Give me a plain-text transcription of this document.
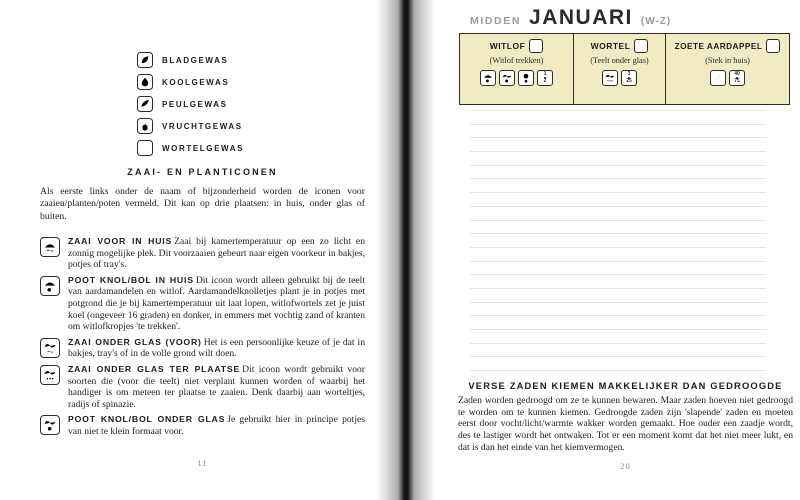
BLADGEWAS
KOOLGEWAS
PEULGEWAS
VRUCHTGEWAS
WORTELGEWAS
ZAAI- EN PLANTICONEN

Als eerste links onder de naam of bijzonderheid worden de iconen voor zaaien/planten/poten vermeld. Dit kan op drie plaatsen: in huis, onder glas of buiten.

ZAAI VOOR IN HUIS Zaai bij kamertemperatuur op een zo licht en zonnig mogelijke plek. Dit voorzaaien gebeurt naar eigen voorkeur in bakjes, potjes of tray's.

POOT KNOL/BOL IN HUIS Dit icoon wordt alleen gebruikt bij de teelt van aardamandelen en witlof. Aardamandelknolletjes plant je in potjes met potgrond die je bij kamertemperatuur uit laat lopen, witlofwortels zet je juist koel (ongeveer 16 graden) en donker, in emmers met vochtig zand of kranten om witlofkropjes 'te trekken'.

ZAAI ONDER GLAS (VOOR) Het is een persoonlijke keuze of je dat in bakjes, tray's of in de volle grond wilt doen.

ZAAI ONDER GLAS TER PLAATSE Dit icoon wordt gebruikt voor soorten die (voor die teelt) niet verplant kunnen worden of waarbij het handiger is om meteen ter plaatse te zaaien. Denk daarbij aan worteltjes, radijs of spinazie.

POOT KNOL/BOL ONDER GLAS Je gebruikt hier in principe potjes van niet te klein formaat voor.

11
MIDDEN JANUARI (W-Z)
WITLOF
(Witlof trekken)
1
2
WORTEL
(Teelt onder glas)
3
25
ZOETE AARDAPPEL
(Stek in huis)
40
75
VERSE ZADEN KIEMEN MAKKELIJKER DAN GEDROOGDE

Zaden worden gedroogd om ze te kunnen bewaren. Maar zaden hoeven niet gedroogd te worden om te kunnen kiemen. Gedroogde zaden zijn 'slapende' zaden en moeten eerst door vocht/licht/warmte wakker worden gemaakt. Hoe ouder een zaadje wordt, des te lastiger wordt het ontwaken. Tot er een moment komt dat het niet meer lukt, en dat is dan het einde van het kiemvermogen.

20
